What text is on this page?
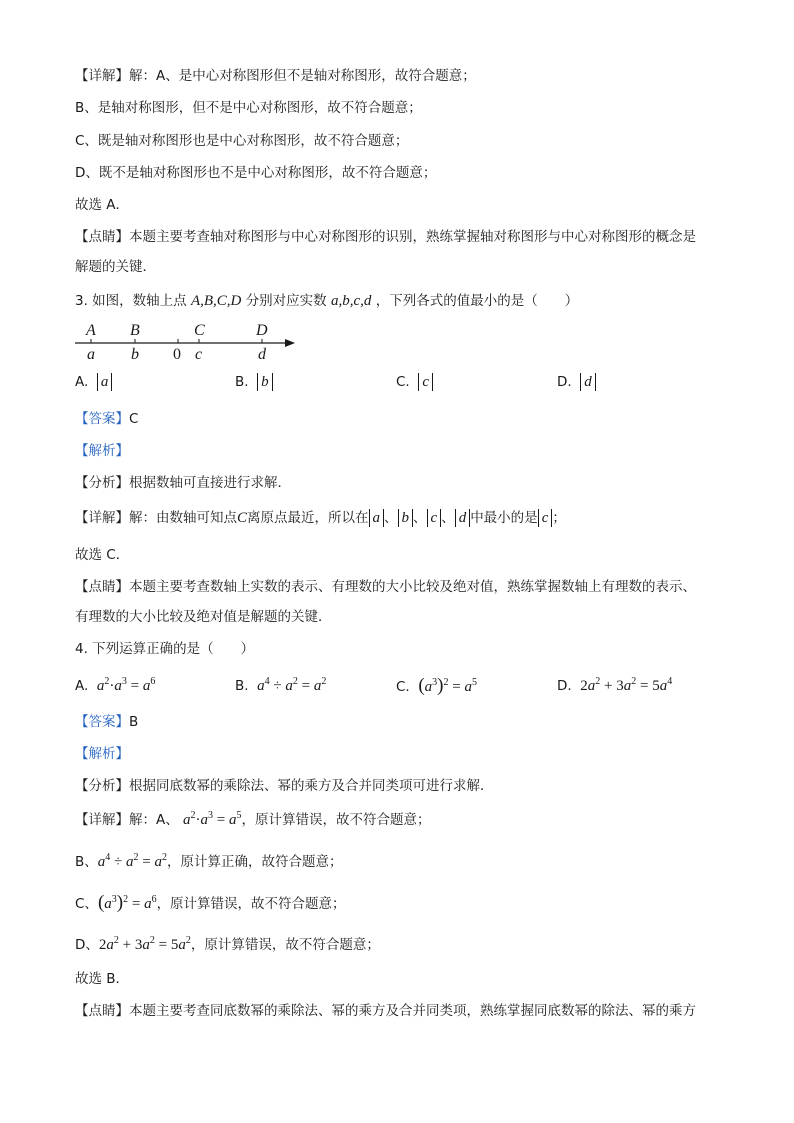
【详解】解：A、是中心对称图形但不是轴对称图形，故符合题意；
B、是轴对称图形，但不是中心对称图形，故不符合题意；
C、既是轴对称图形也是中心对称图形，故不符合题意；
D、既不是轴对称图形也不是中心对称图形，故不符合题意；
故选 A．
【点睛】本题主要考查轴对称图形与中心对称图形的识别，熟练掌握轴对称图形与中心对称图形的概念是
解题的关键．
3. 如图，数轴上点 A,B,C,D 分别对应实数 a,b,c,d ，下列各式的值最小的是（　　）
A B	C	D
a b 0 c	d
A. a	B. b	C. c	D. d
【答案】C
【解析】
【分析】根据数轴可直接进行求解．
【详解】解：由数轴可知点C离原点最近，所以在 a 、 b 、 c 、 d 中最小的是 c ；
故选 C．
【点睛】本题主要考查数轴上实数的表示、有理数的大小比较及绝对值，熟练掌握数轴上有理数的表示、
有理数的大小比较及绝对值是解题的关键．
4. 下列运算正确的是（　　）
A. $a^2\cdot a^3 = a^6$	B. $a^4 \div a^2 = a^2$	C. $(a^3)^2 = a^5$	D. $2a^2 + 3a^2 = 5a^4$
【答案】B
【解析】
【分析】根据同底数幂的乘除法、幂的乘方及合并同类项可进行求解．
【详解】解：A、 $a^2\cdot a^3 = a^5$，原计算错误，故不符合题意；
B、$a^4 \div a^2 = a^2$，原计算正确，故符合题意；
C、$(a^3)^2 = a^6$，原计算错误，故不符合题意；
D、$2a^2 + 3a^2 = 5a^2$，原计算错误，故不符合题意；
故选 B．
【点睛】本题主要考查同底数幂的乘除法、幂的乘方及合并同类项，熟练掌握同底数幂的除法、幂的乘方
